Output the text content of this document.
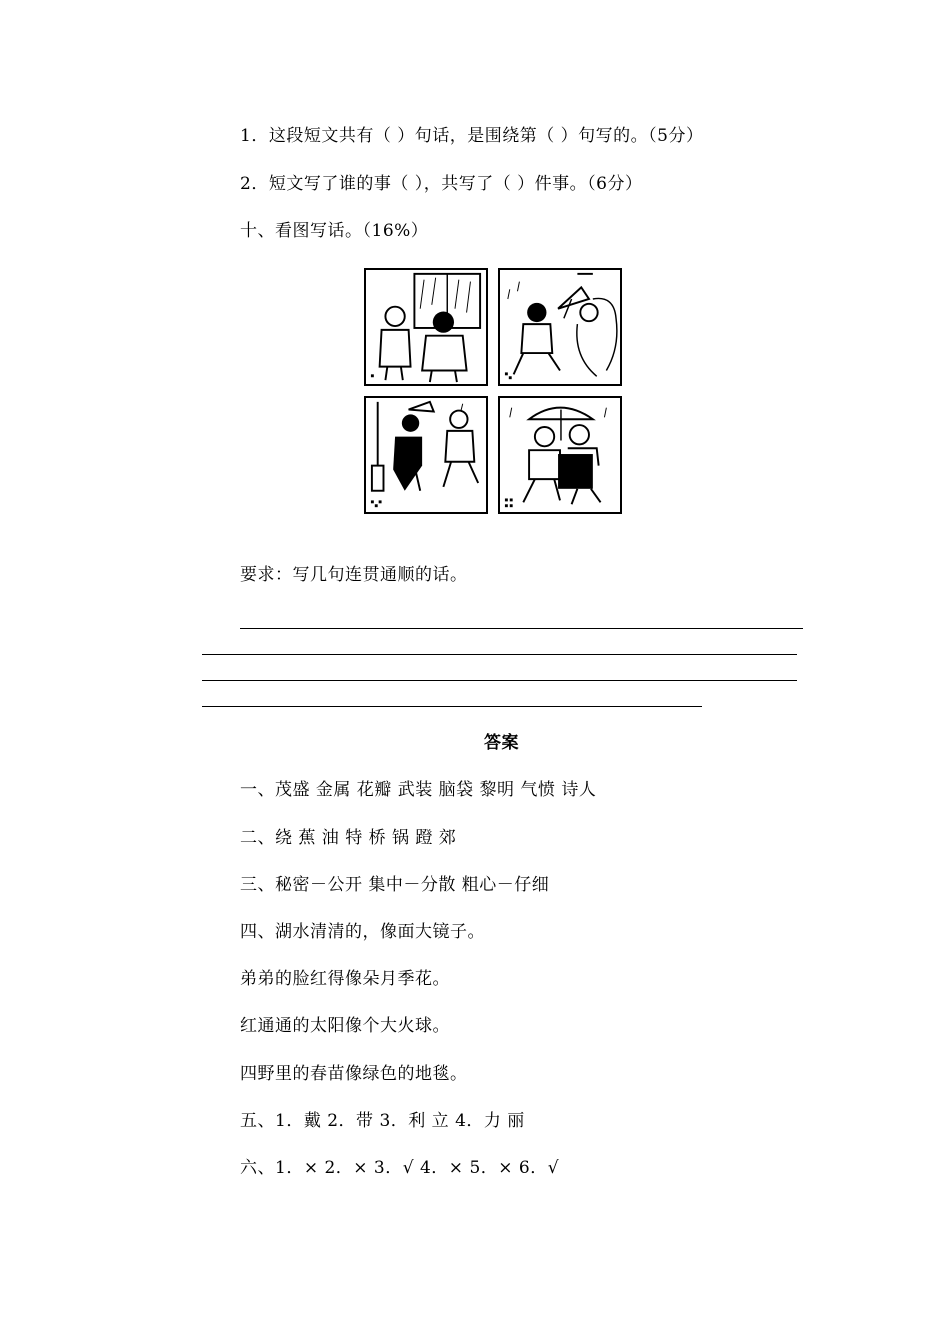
1．这段短文共有（ ）句话，是围绕第（ ）句写的。（5分）
2．短文写了谁的事（ ），共写了（ ）件事。（6分）
十、看图写话。（16%）
要求：写几句连贯通顺的话。
答案
一、茂盛 金属 花瓣 武装 脑袋 黎明 气愤 诗人
二、绕 蕉 油 特 桥 锅 蹬 郊
三、秘密－公开 集中－分散 粗心－仔细
四、湖水清清的，像面大镜子。
弟弟的脸红得像朵月季花。
红通通的太阳像个大火球。
四野里的春苗像绿色的地毯。
五、1．戴 2．带 3．利 立 4．力 丽
六、1．× 2．× 3．√ 4．× 5．× 6．√
